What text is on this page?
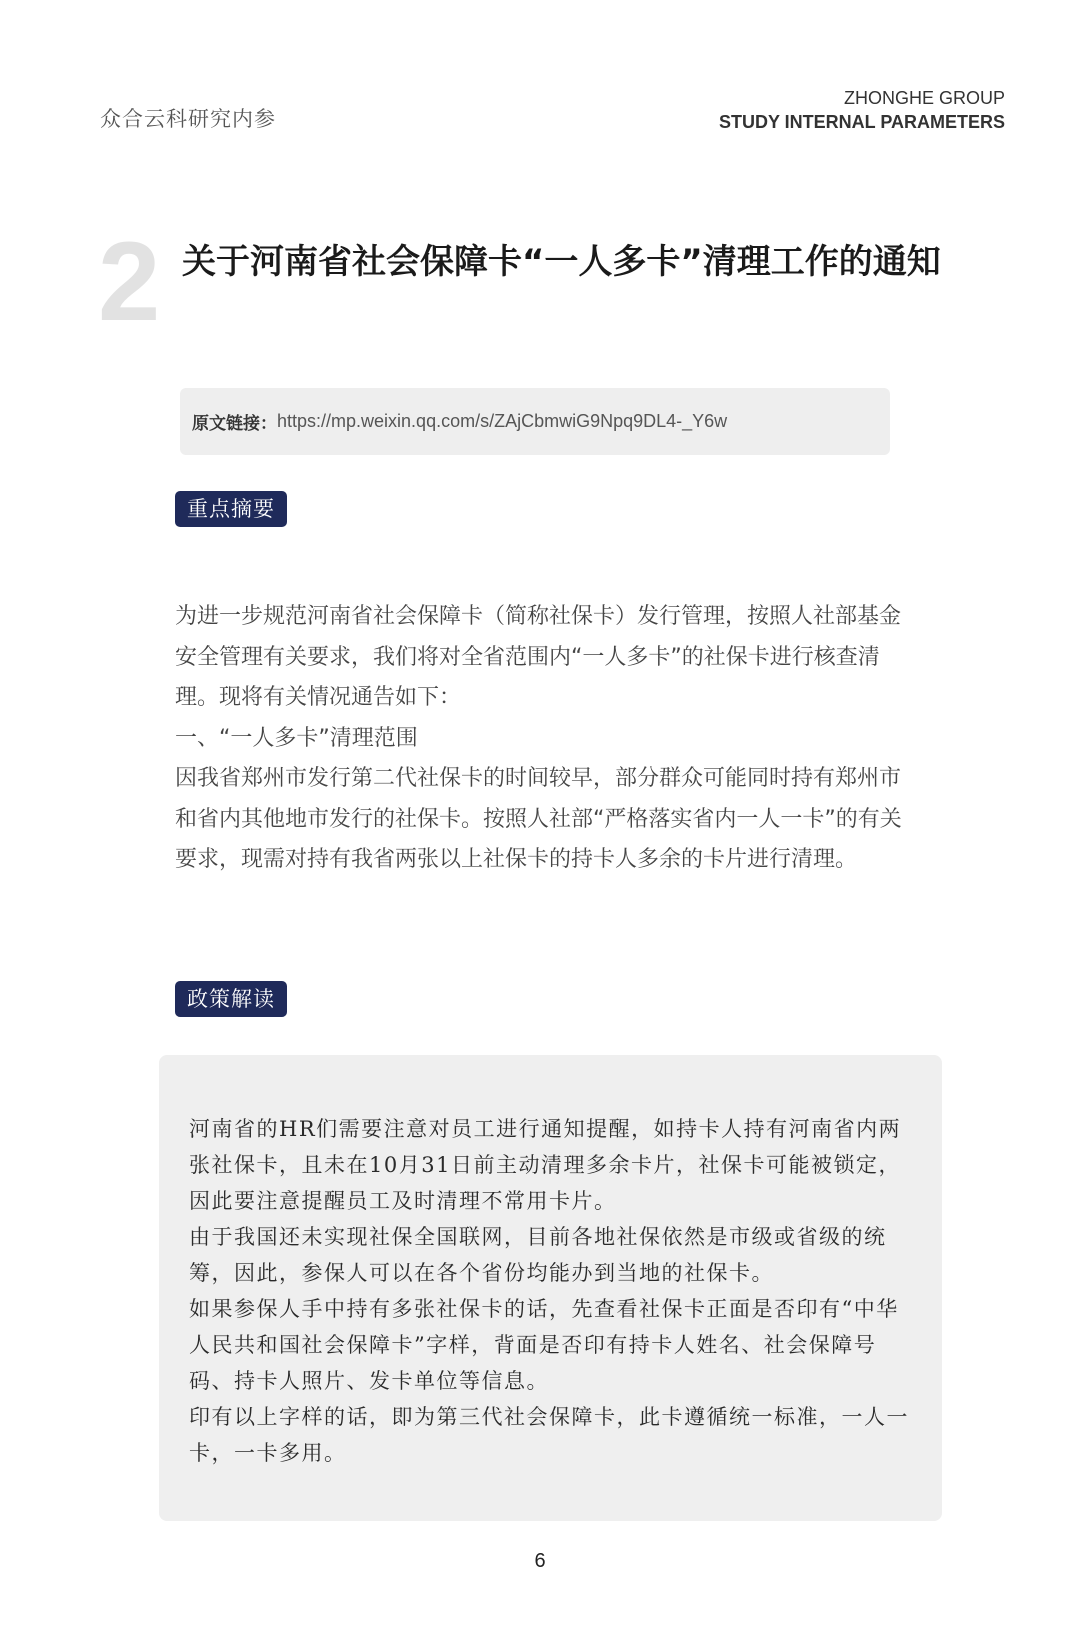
众合云科研究内参
ZHONGHE GROUP
STUDY INTERNAL PARAMETERS
2 关于河南省社会保障卡“一人多卡”清理工作的通知
原文链接： https://mp.weixin.qq.com/s/ZAjCbmwiG9Npq9DL4-_Y6w
重点摘要

为进一步规范河南省社会保障卡（简称社保卡）发行管理，按照人社部基金安全管理有关要求，我们将对全省范围内“一人多卡”的社保卡进行核查清理。现将有关情况通告如下：

一、“一人多卡”清理范围

因我省郑州市发行第二代社保卡的时间较早，部分群众可能同时持有郑州市和省内其他地市发行的社保卡。按照人社部“严格落实省内一人一卡”的有关要求，现需对持有我省两张以上社保卡的持卡人多余的卡片进行清理。

政策解读

河南省的HR们需要注意对员工进行通知提醒，如持卡人持有河南省内两张社保卡，且未在10月31日前主动清理多余卡片，社保卡可能被锁定，因此要注意提醒员工及时清理不常用卡片。

由于我国还未实现社保全国联网，目前各地社保依然是市级或省级的统筹，因此，参保人可以在各个省份均能办到当地的社保卡。

如果参保人手中持有多张社保卡的话，先查看社保卡正面是否印有“中华人民共和国社会保障卡”字样，背面是否印有持卡人姓名、社会保障号码、持卡人照片、发卡单位等信息。

印有以上字样的话，即为第三代社会保障卡，此卡遵循统一标准，一人一卡，一卡多用。

6
